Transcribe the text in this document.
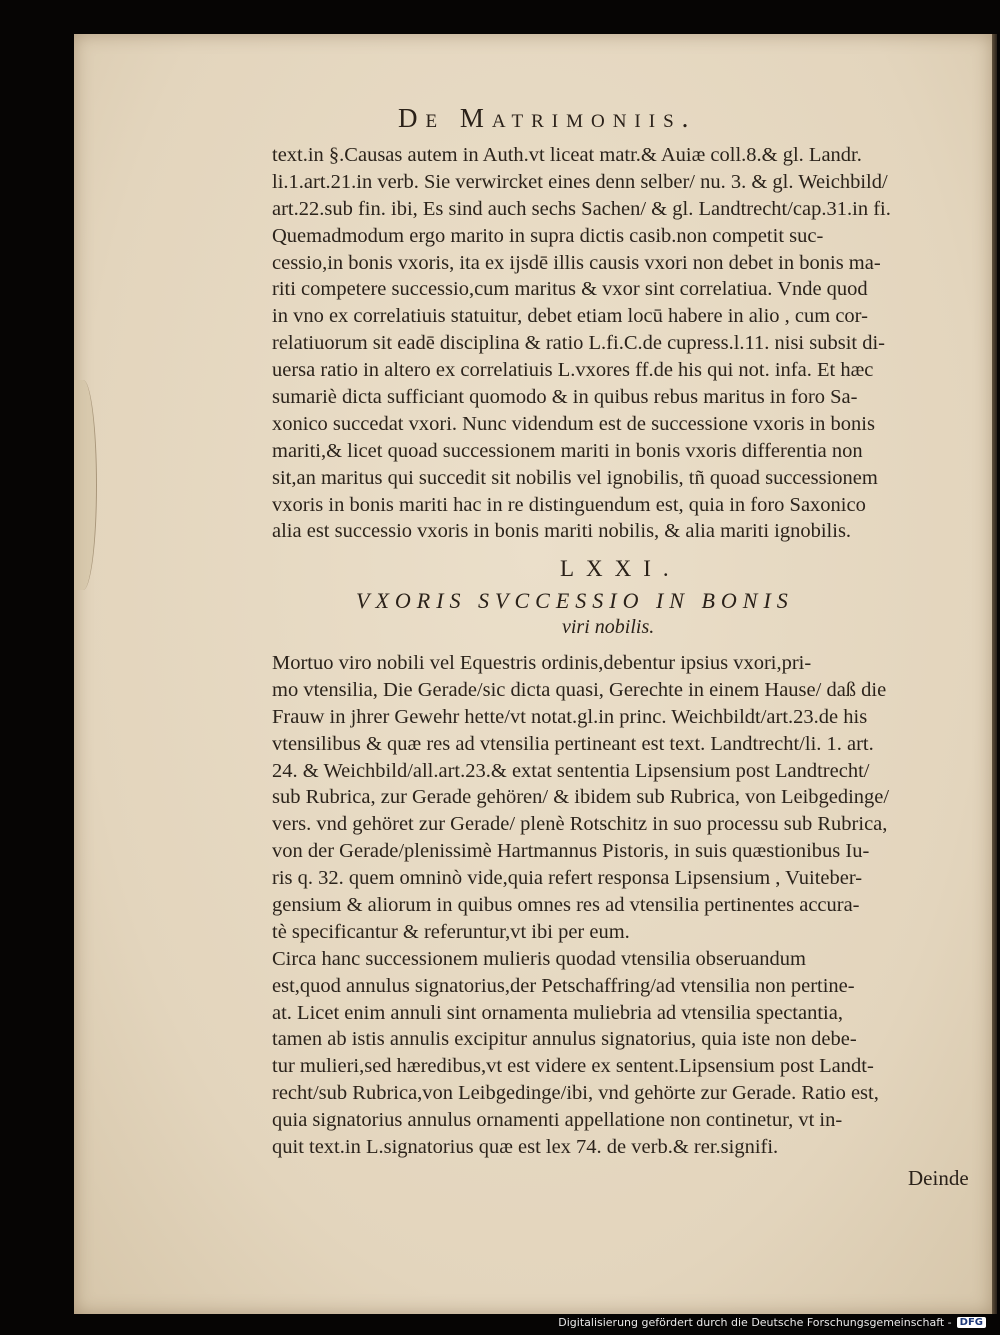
De Matrimoniis.
text.in §.Causas autem in Auth.vt liceat matr.& Auiæ coll.8.& gl. Landr.
li.1.art.21.in verb. Sie verwircket eines denn selber/ nu. 3. & gl. Weichbild/
art.22.sub fin. ibi, Es sind auch sechs Sachen/ & gl. Landtrecht/cap.31.in fi.
Quemadmodum ergo marito in supra dictis casib.non competit suc-
cessio,in bonis vxoris, ita ex ijsdē illis causis vxori non debet in bonis ma-
riti competere successio,cum maritus & vxor sint correlatiua. Vnde quod
in vno ex correlatiuis statuitur, debet etiam locū habere in alio , cum cor-
relatiuorum sit eadē disciplina & ratio L.fi.C.de cupress.l.11. nisi subsit di-
uersa ratio in altero ex correlatiuis L.vxores ff.de his qui not. infa. Et hæc
sumariè dicta sufficiant quomodo & in quibus rebus maritus in foro Sa-
xonico succedat vxori. Nunc videndum est de successione vxoris in bonis
mariti,& licet quoad successionem mariti in bonis vxoris differentia non
sit,an maritus qui succedit sit nobilis vel ignobilis, tñ quoad successionem
vxoris in bonis mariti hac in re distinguendum est, quia in foro Saxonico
alia est successio vxoris in bonis mariti nobilis, & alia mariti ignobilis.
LXXI.
VXORIS SVCCESSIO IN BONIS
viri nobilis.
Mortuo viro nobili vel Equestris ordinis,debentur ipsius vxori,pri-
mo vtensilia, Die Gerade/sic dicta quasi, Gerechte in einem Hause/ daß die
Frauw in jhrer Gewehr hette/vt notat.gl.in princ. Weichbildt/art.23.de his
vtensilibus & quæ res ad vtensilia pertineant est text. Landtrecht/li. 1. art.
24. & Weichbild/all.art.23.& extat sententia Lipsensium post Landtrecht/
sub Rubrica, zur Gerade gehören/ & ibidem sub Rubrica, von Leibgedinge/
vers. vnd gehöret zur Gerade/ plenè Rotschitz in suo processu sub Rubrica,
von der Gerade/plenissimè Hartmannus Pistoris, in suis quæstionibus Iu-
ris q. 32. quem omninò vide,quia refert responsa Lipsensium , Vuiteber-
gensium & aliorum in quibus omnes res ad vtensilia pertinentes accura-
tè specificantur & referuntur,vt ibi per eum.
Circa hanc successionem mulieris quodad vtensilia obseruandum
est,quod annulus signatorius,der Petschaffring/ad vtensilia non pertine-
at. Licet enim annuli sint ornamenta muliebria ad vtensilia spectantia,
tamen ab istis annulis excipitur annulus signatorius, quia iste non debe-
tur mulieri,sed hæredibus,vt est videre ex sentent.Lipsensium post Landt-
recht/sub Rubrica,von Leibgedinge/ibi, vnd gehörte zur Gerade. Ratio est,
quia signatorius annulus ornamenti appellatione non continetur, vt in-
quit text.in L.signatorius quæ est lex 74. de verb.& rer.signifi.
Deinde
Digitalisierung gefördert durch die Deutsche Forschungsgemeinschaft - DFG
